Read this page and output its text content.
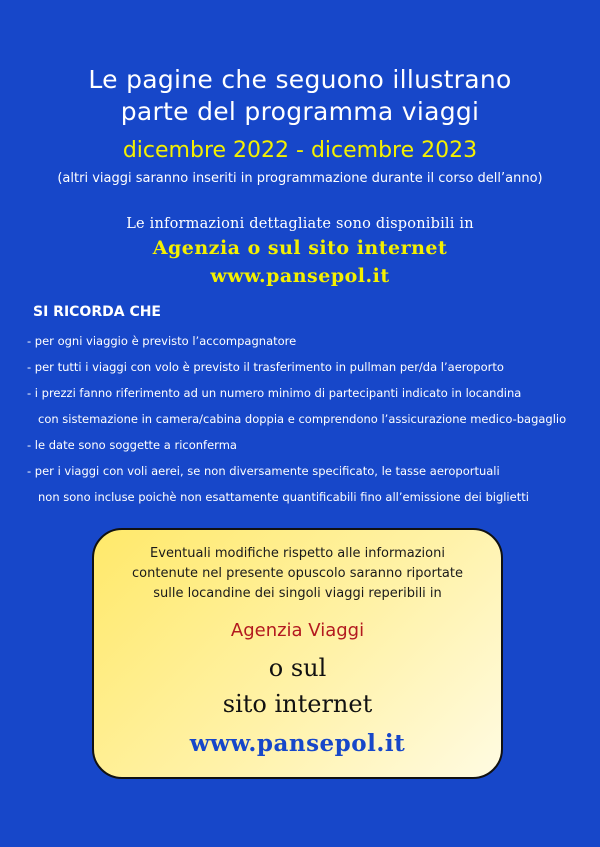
Le pagine che seguono illustrano
parte del programma viaggi
dicembre 2022 - dicembre 2023
(altri viaggi saranno inseriti in programmazione durante il corso dell’anno)
Le informazioni dettagliate sono disponibili in
Agenzia o sul sito internet
www.pansepol.it
SI RICORDA CHE
- per ogni viaggio è previsto l’accompagnatore
- per tutti i viaggi con volo è previsto il trasferimento in pullman per/da l’aeroporto
- i prezzi fanno riferimento ad un numero minimo di partecipanti indicato in locandina
con sistemazione in camera/cabina doppia e comprendono l’assicurazione medico-bagaglio
- le date sono soggette a riconferma
- per i viaggi con voli aerei, se non diversamente specificato, le tasse aeroportuali
non sono incluse poichè non esattamente quantificabili fino all’emissione dei biglietti
Eventuali modifiche rispetto alle informazioni
contenute nel presente opuscolo saranno riportate
sulle locandine dei singoli viaggi reperibili in
Agenzia Viaggi
o sul
sito internet
www.pansepol.it
